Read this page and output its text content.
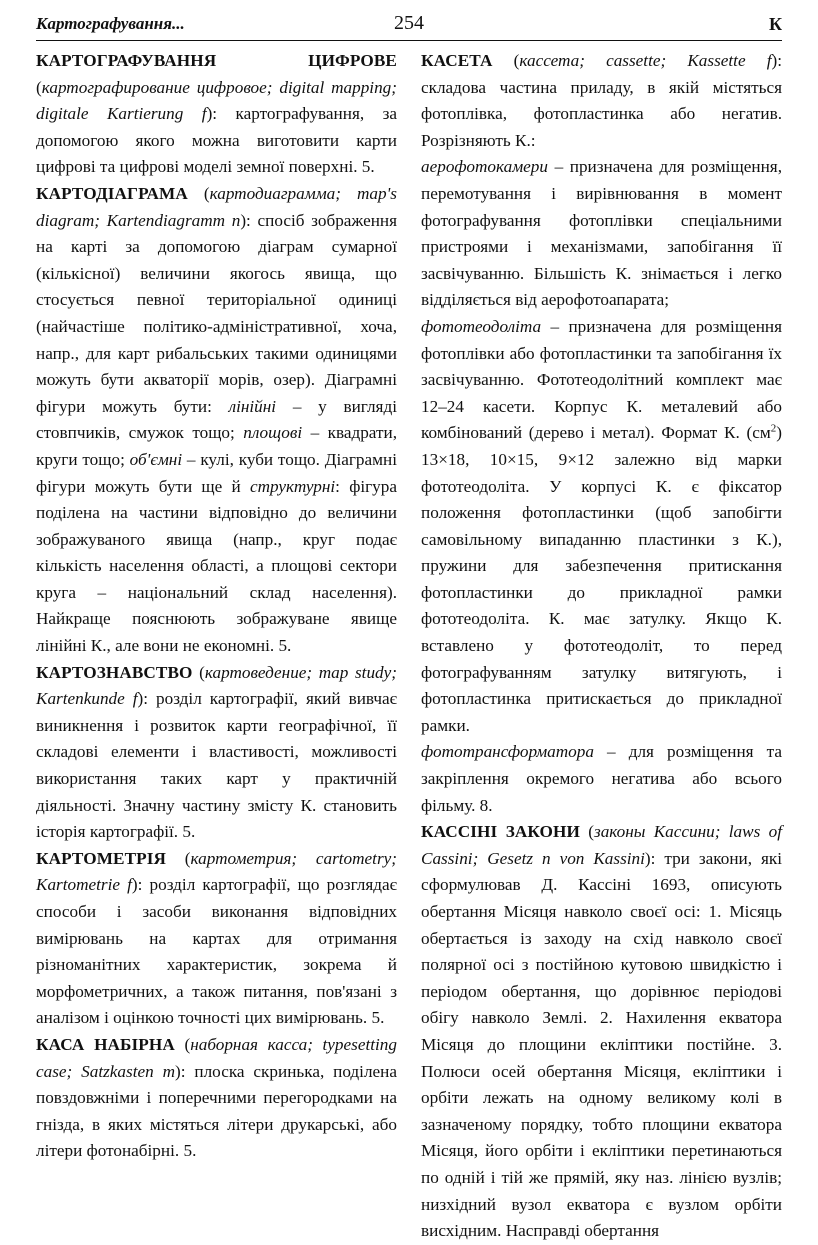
Картографування...	254	К

КАРТОГРАФУВАННЯ ЦИФРОВЕ (картографирование цифровое; digital mapping; digitale Kartierung f): картографування, за допомогою якого можна виготовити карти цифрові та цифрові моделі земної поверхні. 5.

КАРТОДІАГРАМА (картодиаграмма; map's diagram; Kartendiagramm n): спосіб зображення на карті за допомогою діаграм сумарної (кількісної) величини якогось явища, що стосується певної територіальної одиниці (найчастіше політико-адміністративної, хоча, напр., для карт рибальських такими одиницями можуть бути акваторії морів, озер). Діаграмні фігури можуть бути: лінійні – у вигляді стовпчиків, смужок тощо; площові – квадрати, круги тощо; об'ємні – кулі, куби тощо. Діаграмні фігури можуть бути ще й структурні: фігура поділена на частини відповідно до величини зображуваного явища (напр., круг подає кількість населення області, а площові сектори круга – національний склад населення). Найкраще пояснюють зображуване явище лінійні К., але вони не економні. 5.

КАРТОЗНАВСТВО (картоведение; map study; Kartenkunde f): розділ картографії, який вивчає виникнення і розвиток карти географічної, її складові елементи і властивості, можливості використання таких карт у практичній діяльності. Значну частину змісту К. становить історія картографії. 5.

КАРТОМЕТРІЯ (картометрия; cartometry; Kartometrie f): розділ картографії, що розглядає способи і засоби виконання відповідних вимірювань на картах для отримання різноманітних характеристик, зокрема й морфометричних, а також питання, пов'язані з аналізом і оцінкою точності цих вимірювань. 5.

КАСА НАБІРНА (наборная касса; typesetting case; Satzkasten m): плоска скринька, поділена повздовжніми і поперечними перегородками на гнізда, в яких містяться літери друкарські, або літери фотонабірні. 5.

КАСЕТА (кассета; cassette; Kassette f): складова частина приладу, в якій містяться фотоплівка, фотопластинка або негатив. Розрізняють К.:

аерофотокамери – призначена для розміщення, перемотування і вирівнювання в момент фотографування фотоплівки спеціальними пристроями і механізмами, запобігання її засвічуванню. Більшість К. знімається і легко відділяється від аерофотоапарата;

фототеодоліта – призначена для розміщення фотоплівки або фотопластинки та запобігання їх засвічуванню. Фототеодолітний комплект має 12–24 касети. Корпус К. металевий або комбінований (дерево і метал). Формат К. $(см^2)$ 13×18, 10×15, 9×12 залежно від марки фототеодоліта. У корпусі К. є фіксатор положення фотопластинки (щоб запобігти самовільному випаданню пластинки з К.), пружини для забезпечення притискання фотопластинки до прикладної рамки фототеодоліта. К. має затулку. Якщо К. вставлено у фототеодоліт, то перед фотографуванням затулку витягують, і фотопластинка притискається до прикладної рамки.

фототрансформатора – для розміщення та закріплення окремого негатива або всього фільму. 8.

КАССІНІ ЗАКОНИ (законы Кассини; laws of Cassini; Gesetz n von Kassini): три закони, які сформулював Д. Кассіні 1693, описують обертання Місяця навколо своєї осі: 1. Місяць обертається із заходу на схід навколо своєї полярної осі з постійною кутовою швидкістю і періодом обертання, що дорівнює періодові обігу навколо Землі. 2. Нахилення екватора Місяця до площини екліптики постійне. 3. Полюси осей обертання Місяця, екліптики і орбіти лежать на одному великому колі в зазначеному порядку, тобто площини екватора Місяця, його орбіти і екліптики перетинаються по одній і тій же прямій, яку наз. лінією вузлів; низхідний вузол екватора є вузлом орбіти висхідним. Насправді обертання
